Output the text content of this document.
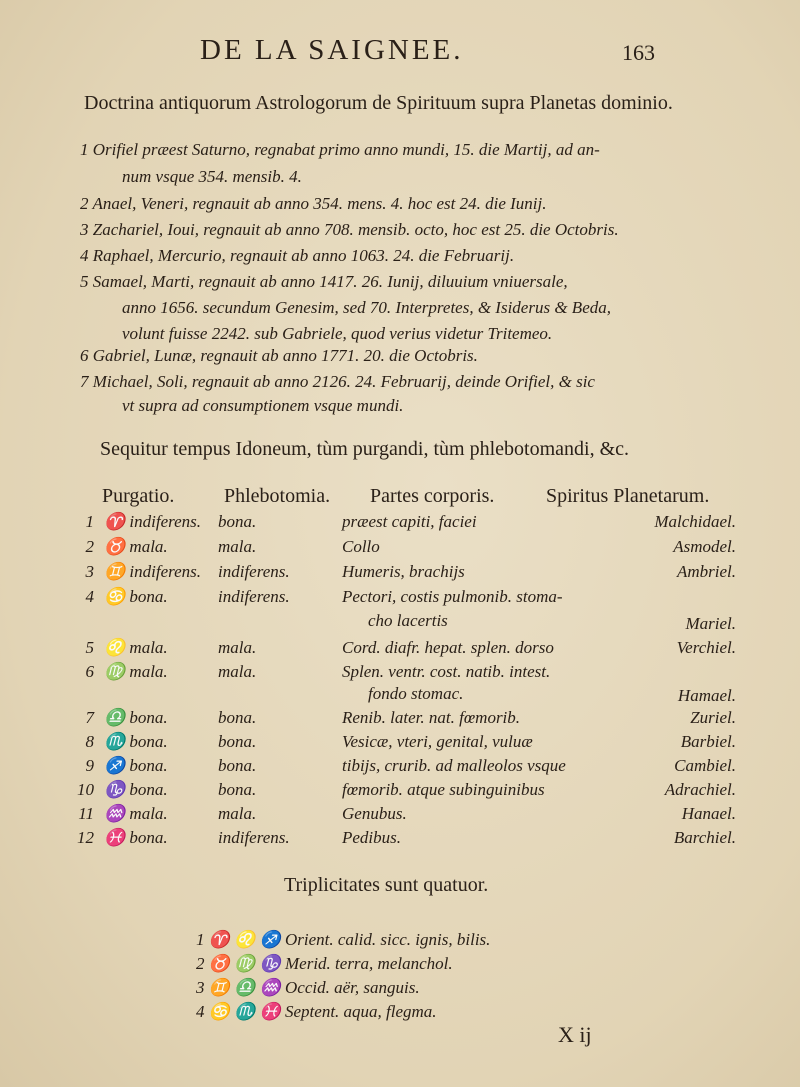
DE LA SAIGNEE.	163
Doctrina antiquorum Astrologorum de Spirituum supra Planetas dominio.
1 Orifiel præest Saturno, regnabat primo anno mundi, 15. die Martij, ad an-
num vsque 354. mensib. 4.
2 Anael, Veneri, regnauit ab anno 354. mens. 4. hoc est 24. die Iunij.
3 Zachariel, Ioui, regnauit ab anno 708. mensib. octo, hoc est 25. die Octobris.
4 Raphael, Mercurio, regnauit ab anno 1063. 24. die Februarij.
5 Samael, Marti, regnauit ab anno 1417. 26. Iunij, diluuium vniuersale,
anno 1656. secundum Genesim, sed 70. Interpretes, & Isiderus & Beda,
volunt fuisse 2242. sub Gabriele, quod verius videtur Tritemeo.
6 Gabriel, Lunæ, regnauit ab anno 1771. 20. die Octobris.
7 Michael, Soli, regnauit ab anno 2126. 24. Februarij, deinde Orifiel, & sic
vt supra ad consumptionem vsque mundi.
Sequitur tempus Idoneum, tùm purgandi, tùm phlebotomandi, &c.
Purgatio. Phlebotomia. Partes corporis.	Spiritus Planetarum.
1 ♈ indiferens. bona.	præest capiti, faciei	Malchidael.
2 ♉ mala.	mala.	Collo	Asmodel.
3 ♊ indiferens. indiferens.	Humeris, brachijs	Ambriel.
4 ♋ bona.	indiferens.	Pectori, costis pulmonib. stoma-
cho lacertis	Mariel.
5 ♌ mala.	mala.	Cord. diafr. hepat. splen. dorso	Verchiel.
6 ♍ mala.	mala.	Splen. ventr. cost. natib. intest.
fondo stomac.	Hamael.
7 ♎ bona.	bona.	Renib. later. nat. fœmorib.	Zuriel.
8 ♏ bona.	bona.	Vesicæ, vteri, genital, vuluæ	Barbiel.
9 ♐ bona.	bona.	tibijs, crurib. ad malleolos vsque	Cambiel.
10 ♑ bona.	bona.	fœmorib. atque subinguinibus	Adrachiel.
11 ♒ mala.	mala.	Genubus.	Hanael.
12 ♓ bona.	indiferens.	Pedibus.	Barchiel.
Triplicitates sunt quatuor.
1 ♈ ♌ ♐ Orient. calid. sicc. ignis, bilis.
2 ♉ ♍ ♑ Merid. terra, melanchol.
3 ♊ ♎ ♒ Occid. aër, sanguis.
4 ♋ ♏ ♓ Septent. aqua, flegma.
X ij
